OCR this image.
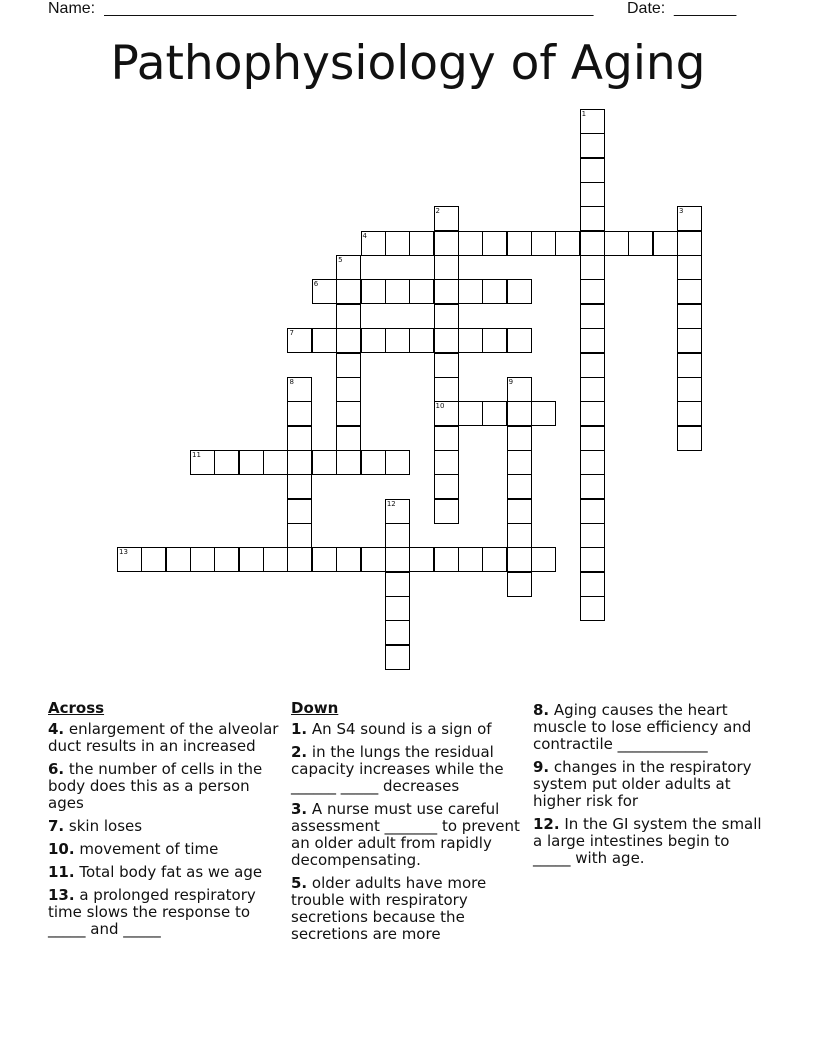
Name: _______________________________________________________	Date: _______
Pathophysiology of Aging
1
2
10
3
4
5
6
7
8	9
11
12
13
Across
4. enlargement of the alveolar duct results in an increased
6. the number of cells in the body does this as a person ages
7. skin loses
10. movement of time
11. Total body fat as we age
13. a prolonged respiratory time slows the response to _____ and _____
Down
1. An S4 sound is a sign of
2. in the lungs the residual capacity increases while the ______ _____ decreases
3. A nurse must use careful assessment _______ to prevent an older adult from rapidly decompensating.
5. older adults have more trouble with respiratory secretions because the secretions are more
8. Aging causes the heart muscle to lose efficiency and contractile ____________
9. changes in the respiratory system put older adults at higher risk for
12. In the GI system the small a large intestines begin to _____ with age.
